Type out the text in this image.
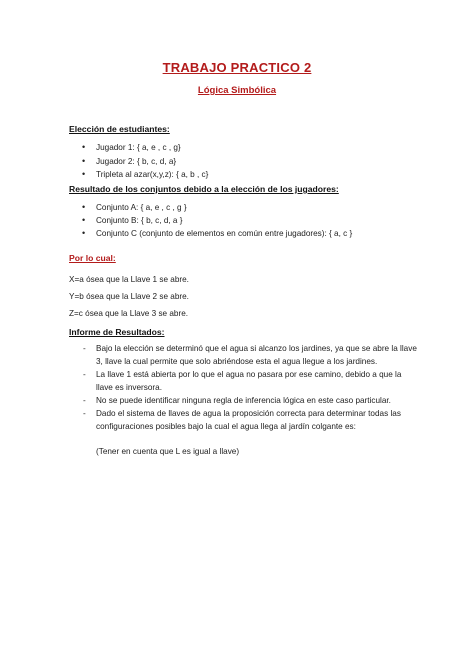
TRABAJO PRACTICO 2
Lógica Simbólica
Elección de estudiantes:
• Jugador 1: { a, e , c , g}
• Jugador 2: { b, c, d, a}
• Tripleta al azar(x,y,z): { a, b , c}
Resultado de los conjuntos debido a la elección de los jugadores:
• Conjunto A: { a, e , c , g }
• Conjunto B: { b, c, d, a }
• Conjunto C (conjunto de elementos en común entre jugadores): { a, c }
Por lo cual:
X=a ósea que la Llave 1 se abre.
Y=b ósea que la Llave 2 se abre.
Z=c ósea que la Llave 3 se abre.
Informe de Resultados:
- Bajo la elección se determinó que el agua si alcanzo los jardines, ya que se abre la llave
3, llave la cual permite que solo abriéndose esta el agua llegue a los jardines.
- La llave 1 está abierta por lo que el agua no pasara por ese camino, debido a que la
llave es inversora.
- No se puede identificar ninguna regla de inferencia lógica en este caso particular.
- Dado el sistema de llaves de agua la proposición correcta para determinar todas las
configuraciones posibles bajo la cual el agua llega al jardín colgante es:
(Tener en cuenta que L es igual a llave)
